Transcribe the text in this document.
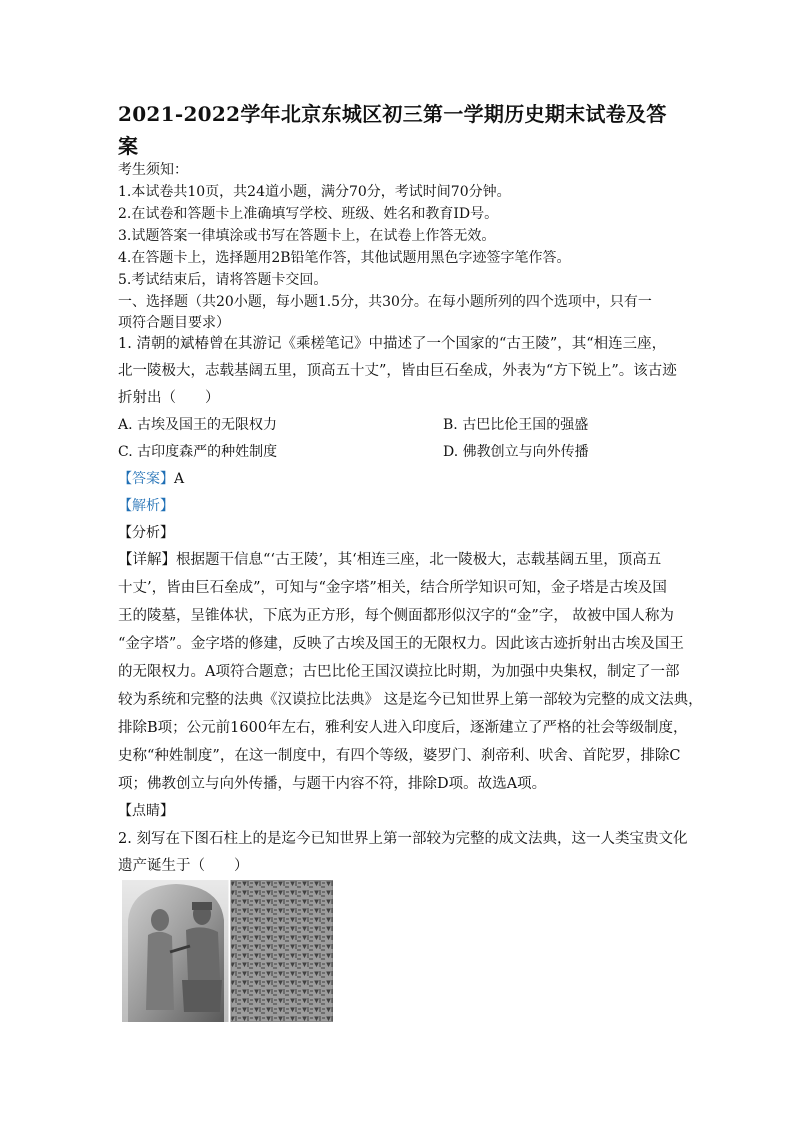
2021-2022学年北京东城区初三第一学期历史期末试卷及答案
考生须知：
1.本试卷共10页，共24道小题，满分70分，考试时间70分钟。
2.在试卷和答题卡上准确填写学校、班级、姓名和教育ID号。
3.试题答案一律填涂或书写在答题卡上，在试卷上作答无效。
4.在答题卡上，选择题用2B铅笔作答，其他试题用黑色字迹签字笔作答。
5.考试结束后，请将答题卡交回。
一、选择题（共20小题，每小题1.5分，共30分。在每小题所列的四个选项中，只有一
项符合题目要求）
1. 清朝的斌椿曾在其游记《乘槎笔记》中描述了一个国家的“古王陵”，其“相连三座，
北一陵极大，志载基阔五里，顶高五十丈”，皆由巨石垒成，外表为“方下锐上”。该古迹
折射出（　　）
A. 古埃及国王的无限权力	B. 古巴比伦王国的强盛
C. 古印度森严的种姓制度	D. 佛教创立与向外传播
【答案】A
【解析】
【分析】
【详解】根据题干信息“‘古王陵’，其‘相连三座，北一陵极大，志载基阔五里，顶高五
十丈’，皆由巨石垒成”，可知与“金字塔”相关，结合所学知识可知，金子塔是古埃及国
王的陵墓，呈锥体状，下底为正方形，每个侧面都形似汉字的“金”字， 故被中国人称为
“金字塔”。金字塔的修建，反映了古埃及国王的无限权力。因此该古迹折射出古埃及国王
的无限权力。A项符合题意；古巴比伦王国汉谟拉比时期，为加强中央集权，制定了一部
较为系统和完整的法典《汉谟拉比法典》 这是迄今已知世界上第一部较为完整的成文法典，
排除B项；公元前1600年左右，雅利安人进入印度后，逐渐建立了严格的社会等级制度，
史称“种姓制度”，在这一制度中，有四个等级，婆罗门、刹帝利、吠舍、首陀罗，排除C
项；佛教创立与向外传播，与题干内容不符，排除D项。故选A项。
【点睛】
2. 刻写在下图石柱上的是迄今已知世界上第一部较为完整的成文法典，这一人类宝贵文化
遗产诞生于（　　）
